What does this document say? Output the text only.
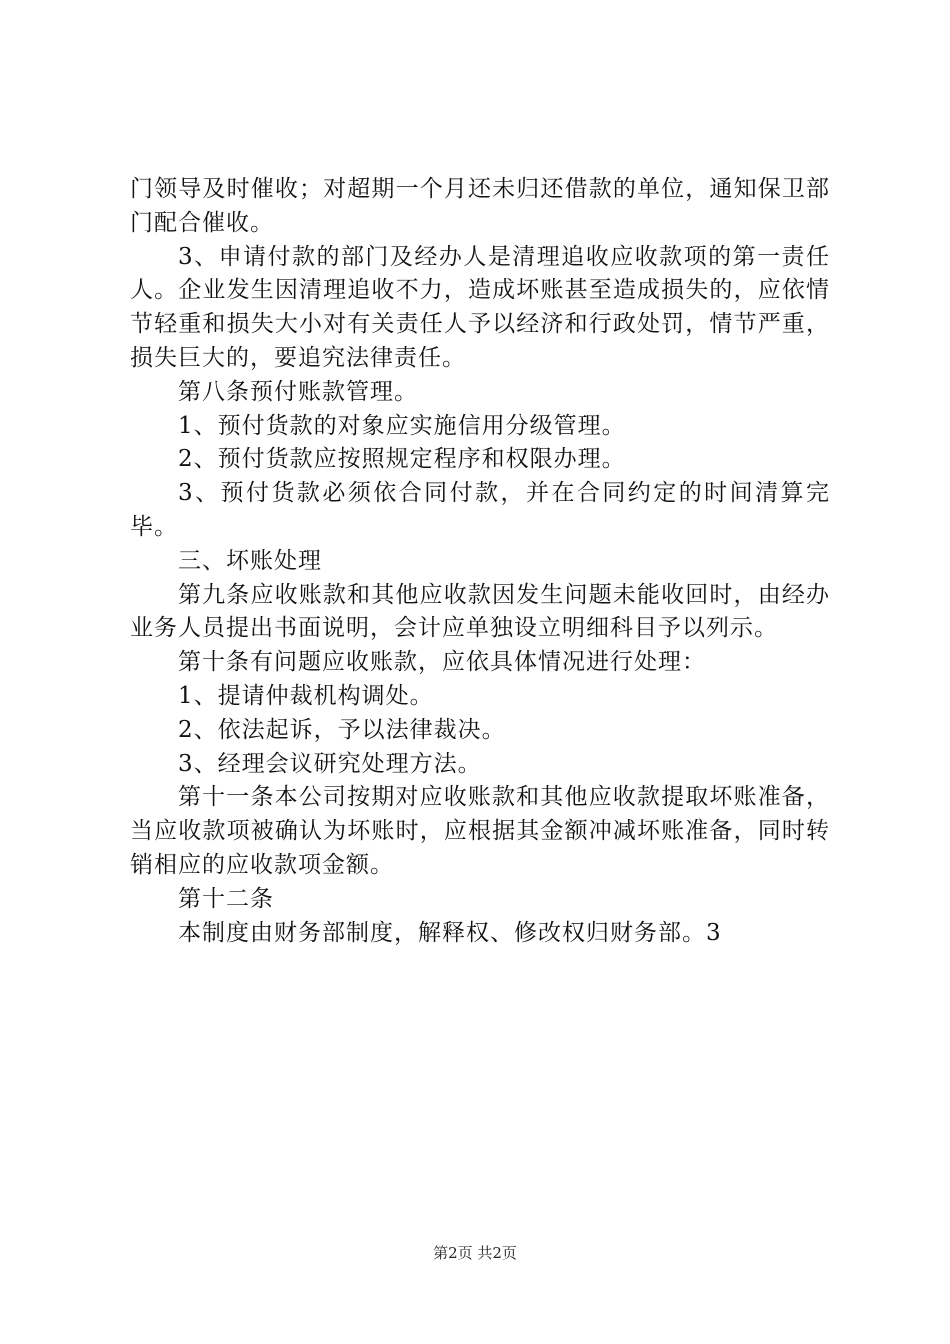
门领导及时催收；对超期一个月还未归还借款的单位，通知保卫部门配合催收。

3、申请付款的部门及经办人是清理追收应收款项的第一责任人。企业发生因清理追收不力，造成坏账甚至造成损失的，应依情节轻重和损失大小对有关责任人予以经济和行政处罚，情节严重，损失巨大的，要追究法律责任。

第八条预付账款管理。

1、预付货款的对象应实施信用分级管理。

2、预付货款应按照规定程序和权限办理。

3、预付货款必须依合同付款，并在合同约定的时间清算完毕。

三、坏账处理

第九条应收账款和其他应收款因发生问题未能收回时，由经办业务人员提出书面说明，会计应单独设立明细科目予以列示。

第十条有问题应收账款，应依具体情况进行处理：

1、提请仲裁机构调处。

2、依法起诉，予以法律裁决。

3、经理会议研究处理方法。

第十一条本公司按期对应收账款和其他应收款提取坏账准备，当应收款项被确认为坏账时，应根据其金额冲减坏账准备，同时转销相应的应收款项金额。

第十二条

本制度由财务部制度，解释权、修改权归财务部。3

第2页 共2页
